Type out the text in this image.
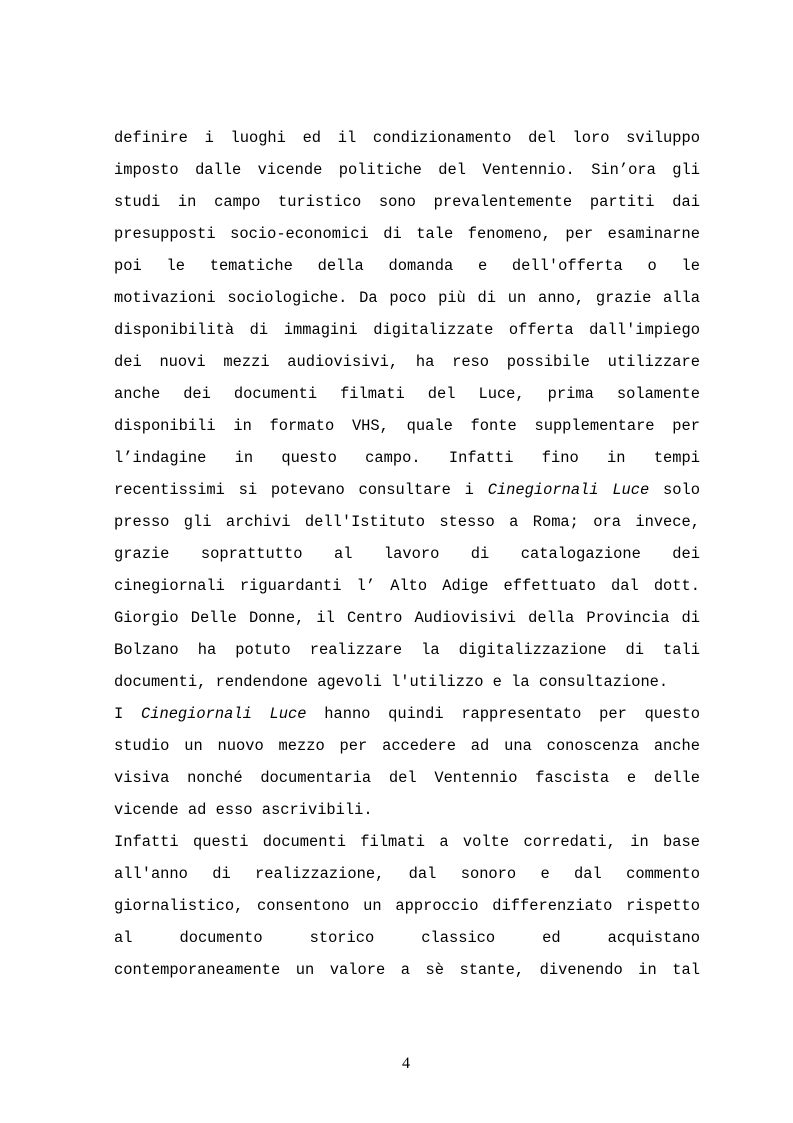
definire i luoghi ed il condizionamento del loro sviluppo
imposto dalle vicende politiche del Ventennio. Sin’ora gli
studi in campo turistico sono prevalentemente partiti dai
presupposti socio-economici di tale fenomeno, per esaminarne
poi le tematiche della domanda e dell'offerta o le
motivazioni sociologiche. Da poco più di un anno, grazie alla
disponibilità di immagini digitalizzate offerta dall'impiego
dei nuovi mezzi audiovisivi, ha reso possibile utilizzare
anche dei documenti filmati del Luce, prima solamente
disponibili in formato VHS, quale fonte supplementare per
l’indagine in questo campo. Infatti fino in tempi
recentissimi si potevano consultare i Cinegiornali Luce solo
presso gli archivi dell'Istituto stesso a Roma; ora invece,
grazie soprattutto al lavoro di catalogazione dei
cinegiornali riguardanti l’ Alto Adige effettuato dal dott.
Giorgio Delle Donne, il Centro Audiovisivi della Provincia di
Bolzano ha potuto realizzare la digitalizzazione di tali
documenti, rendendone agevoli l'utilizzo e la consultazione.
I Cinegiornali Luce hanno quindi rappresentato per questo
studio un nuovo mezzo per accedere ad una conoscenza anche
visiva nonché documentaria del Ventennio fascista e delle
vicende ad esso ascrivibili.
Infatti questi documenti filmati a volte corredati, in base
all'anno di realizzazione, dal sonoro e dal commento
giornalistico, consentono un approccio differenziato rispetto
al documento storico classico ed acquistano
contemporaneamente un valore a sè stante, divenendo in tal
4
